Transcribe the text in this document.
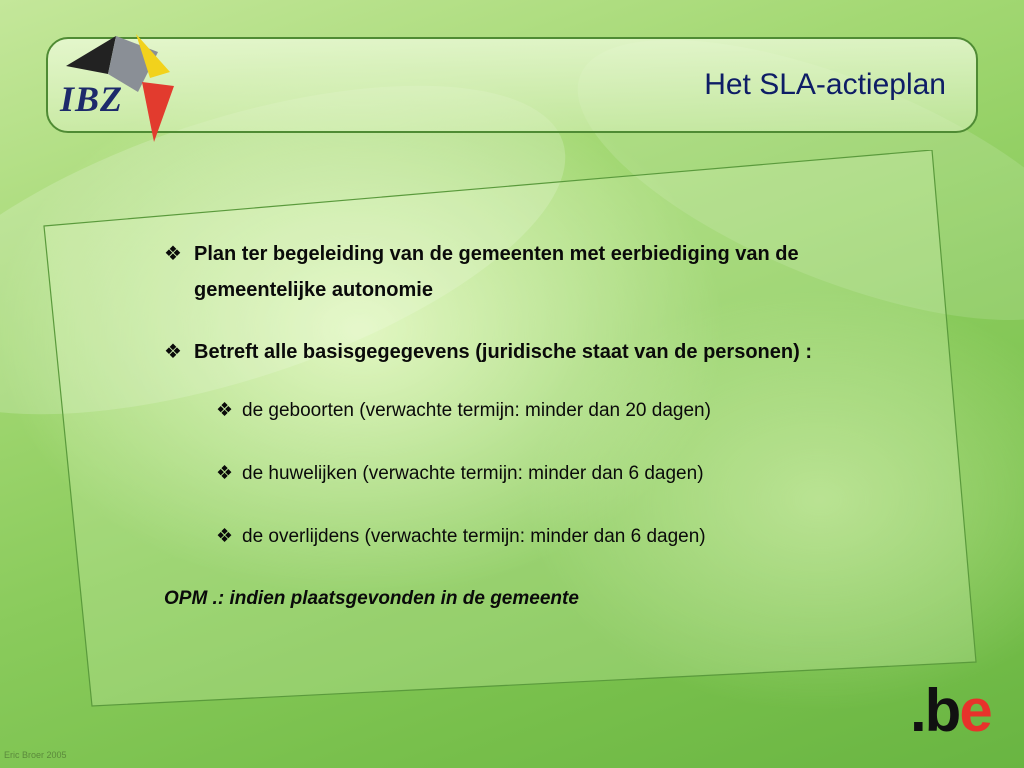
IBZ	Het SLA-actieplan
❖ Plan ter begeleiding van de gemeenten met eerbiediging van de gemeentelijke autonomie
❖ Betreft alle basisgegegevens (juridische staat van de personen) :
❖ de geboorten (verwachte termijn: minder dan 20 dagen)
❖ de huwelijken (verwachte termijn: minder dan 6 dagen)
❖ de overlijdens (verwachte termijn: minder dan 6 dagen)
OPM .: indien plaatsgevonden in de gemeente
.be
Eric Broer 2005
